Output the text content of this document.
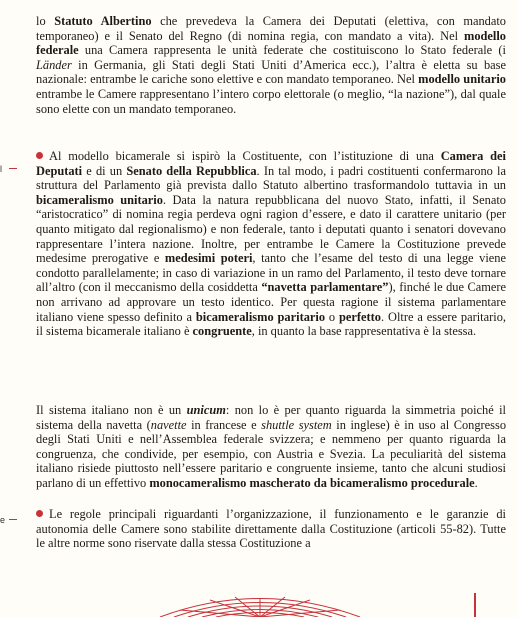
lo Statuto Albertino che prevedeva la Camera dei Deputati (elettiva, con mandato temporaneo) e il Senato del Regno (di nomina regia, con mandato a vita). Nel modello federale una Camera rappresenta le unità federate che costituiscono lo Stato federale (i Länder in Germania, gli Stati degli Stati Uniti d’America ecc.), l’altra è eletta su base nazionale: entrambe le cariche sono elettive e con mandato temporaneo. Nel modello unitario entrambe le Camere rappresentano l’intero corpo elettorale (o meglio, “la nazione”), dal quale sono elette con un mandato temporaneo.

l

Al modello bicamerale si ispirò la Costituente, con l’istituzione di una Camera dei Deputati e di un Senato della Repubblica. In tal modo, i padri costituenti confermarono la struttura del Parlamento già prevista dallo Statuto albertino trasformandolo tuttavia in un bicameralismo unitario. Data la natura repubblicana del nuovo Stato, infatti, il Senato “aristocratico” di nomina regia perdeva ogni ragion d’essere, e dato il carattere unitario (per quanto mitigato dal regionalismo) e non federale, tanto i deputati quanto i senatori dovevano rappresentare l’intera nazione. Inoltre, per entrambe le Camere la Costituzione prevede medesime prerogative e medesimi poteri, tanto che l’esame del testo di una legge viene condotto parallelamente; in caso di variazione in un ramo del Parlamento, il testo deve tornare all’altro (con il meccanismo della cosiddetta “navetta parlamentare”), finché le due Camere non arrivano ad approvare un testo identico. Per questa ragione il sistema parlamentare italiano viene spesso definito a bicameralismo paritario o perfetto. Oltre a essere paritario, il sistema bicamerale italiano è congruente, in quanto la base rappresentativa è la stessa.

Il sistema italiano non è un unicum: non lo è per quanto riguarda la simmetria poiché il sistema della navetta (navette in francese e shuttle system in inglese) è in uso al Congresso degli Stati Uniti e nell’Assemblea federale svizzera; e nemmeno per quanto riguarda la congruenza, che condivide, per esempio, con Austria e Svezia. La peculiarità del sistema italiano risiede piuttosto nell’essere paritario e congruente insieme, tanto che alcuni studiosi parlano di un effettivo monocameralismo mascherato da bicameralismo procedurale.

e	Le regole principali riguardanti l’organizzazione, il funzionamento e le garanzie di autonomia delle Camere sono stabilite direttamente dalla Costituzione (articoli 55-82). Tutte le altre norme sono riservate dalla stessa Costituzione a
